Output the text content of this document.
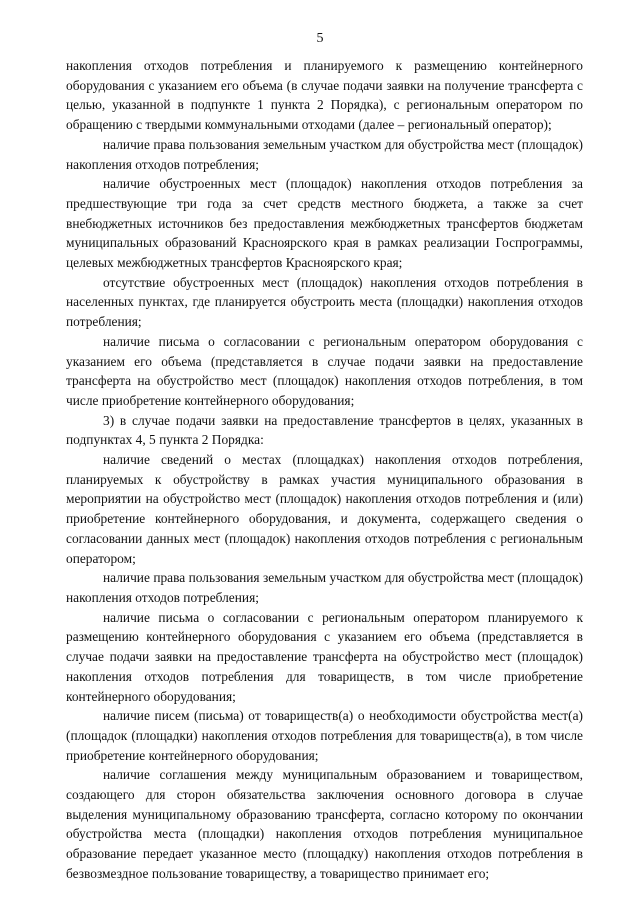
5

накопления отходов потребления и планируемого к размещению контейнерного оборудования с указанием его объема (в случае подачи заявки на получение трансферта с целью, указанной в подпункте 1 пункта 2 Порядка), с региональным оператором по обращению с твердыми коммунальными отходами (далее – региональный оператор);

наличие права пользования земельным участком для обустройства мест (площадок) накопления отходов потребления;

наличие обустроенных мест (площадок) накопления отходов потребления за предшествующие три года за счет средств местного бюджета, а также за счет внебюджетных источников без предоставления межбюджетных трансфертов бюджетам муниципальных образований Красноярского края в рамках реализации Госпрограммы, целевых межбюджетных трансфертов Красноярского края;

отсутствие обустроенных мест (площадок) накопления отходов потребления в населенных пунктах, где планируется обустроить места (площадки) накопления отходов потребления;

наличие письма о согласовании с региональным оператором оборудования с указанием его объема (представляется в случае подачи заявки на предоставление трансферта на обустройство мест (площадок) накопления отходов потребления, в том числе приобретение контейнерного оборудования;

3) в случае подачи заявки на предоставление трансфертов в целях, указанных в подпунктах 4, 5 пункта 2 Порядка:

наличие сведений о местах (площадках) накопления отходов потребления, планируемых к обустройству в рамках участия муниципального образования в мероприятии на обустройство мест (площадок) накопления отходов потребления и (или) приобретение контейнерного оборудования, и документа, содержащего сведения о согласовании данных мест (площадок) накопления отходов потребления с региональным оператором;

наличие права пользования земельным участком для обустройства мест (площадок) накопления отходов потребления;

наличие письма о согласовании с региональным оператором планируемого к размещению контейнерного оборудования с указанием его объема (представляется в случае подачи заявки на предоставление трансферта на обустройство мест (площадок) накопления отходов потребления для товариществ, в том числе приобретение контейнерного оборудования;

наличие писем (письма) от товариществ(а) о необходимости обустройства мест(а) (площадок (площадки) накопления отходов потребления для товариществ(а), в том числе приобретение контейнерного оборудования;

наличие соглашения между муниципальным образованием и товариществом, создающего для сторон обязательства заключения основного договора в случае выделения муниципальному образованию трансферта, согласно которому по окончании обустройства места (площадки) накопления отходов потребления муниципальное образование передает указанное место (площадку) накопления отходов потребления в безвозмездное пользование товариществу, а товарищество принимает его;
